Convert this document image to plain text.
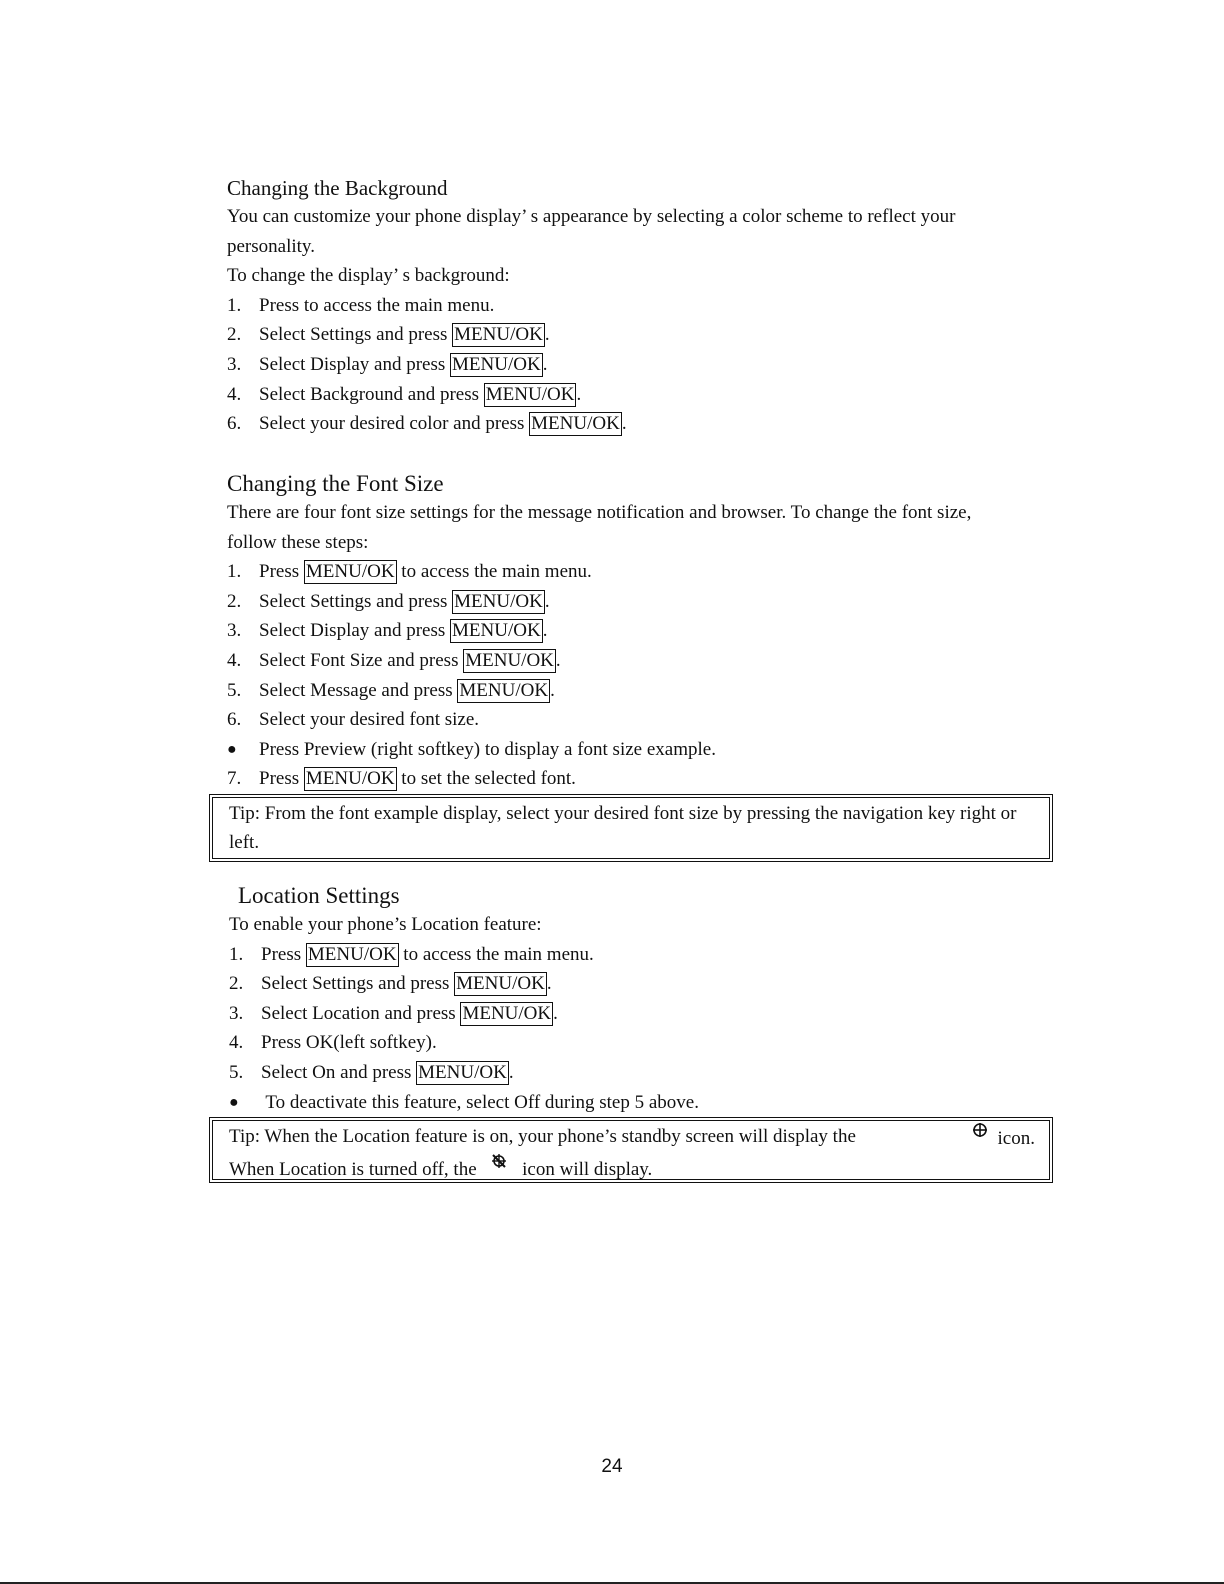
Changing the Background

You can customize your phone display’ s appearance by selecting a color scheme to reflect your personality.

To change the display’ s background:

1. Press to access the main menu.
2. Select Settings and press MENU/OK .
3. Select Display and press MENU/OK .
4. Select Background and press MENU/OK .
6. Select your desired color and press MENU/OK .
Changing the Font Size

There are four font size settings for the message notification and browser. To change the font size, follow these steps:

1. Press MENU/OK to access the main menu.
2. Select Settings and press MENU/OK .
3. Select Display and press MENU/OK .
4. Select Font Size and press MENU/OK .
5. Select Message and press MENU/OK .
6. Select your desired font size.
●	Press Preview (right softkey) to display a font size example.
7. Press MENU/OK to set the selected font.

Tip: From the font example display, select your desired font size by pressing the navigation key right or left.

Location Settings

To enable your phone’s Location feature:

1. Press MENU/OK to access the main menu.
2. Select Settings and press MENU/OK .
3. Select Location and press MENU/OK .
4. Press OK(left softkey).
5. Select On and press MENU/OK .
●	To deactivate this feature, select Off during step 5 above.

Tip: When the Location feature is on, your phone’s standby screen will display the	icon.

When Location is turned off, the icon will display.

24
